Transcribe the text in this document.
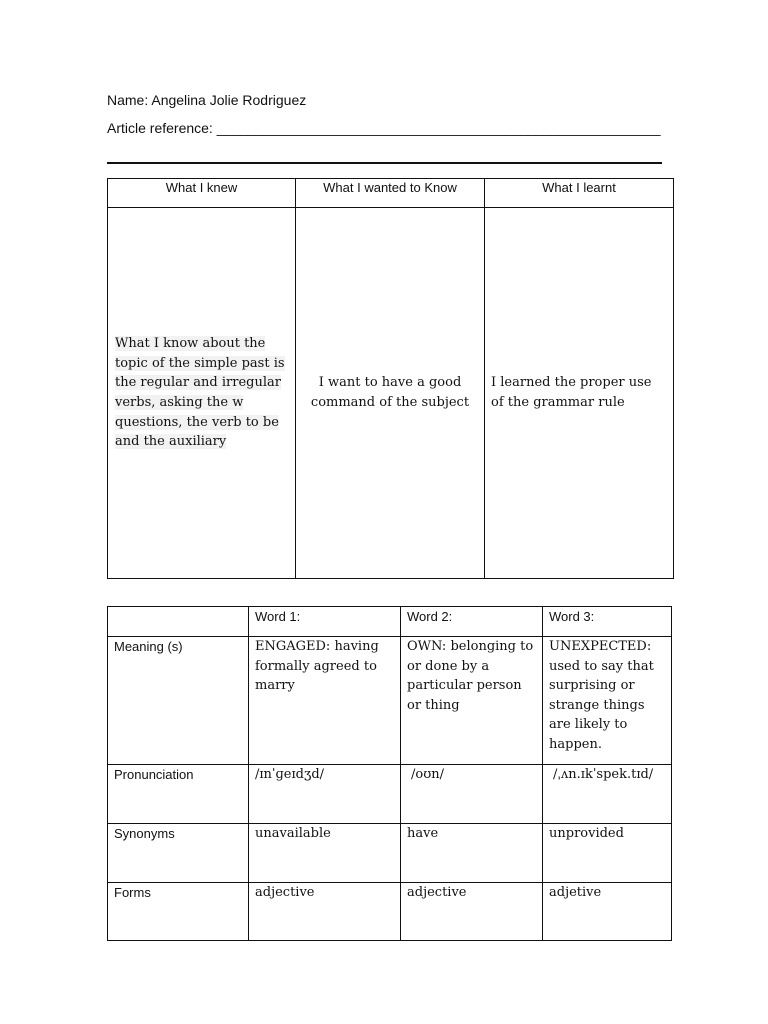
Name: Angelina Jolie Rodriguez
Article reference: _________________________________________________________
What I knew	What I wanted to Know	What I learnt
What I know about the topic of the simple past is the regular and irregular verbs, asking the w questions, the verb to be and the auxiliary	I want to have a good command of the subject	I learned the proper use of the grammar rule
	Word 1:	Word 2:	Word 3:
Meaning (s)	ENGAGED: having formally agreed to marry	OWN: belonging to or done by a particular person or thing	UNEXPECTED: used to say that surprising or strange things are likely to happen.
Pronunciation	/ɪnˈɡeɪdʒd/	/oʊn/	/ˌʌn.ɪkˈspek.tɪd/
Synonyms	unavailable	have	unprovided
Forms	adjective	adjective	adjetive
